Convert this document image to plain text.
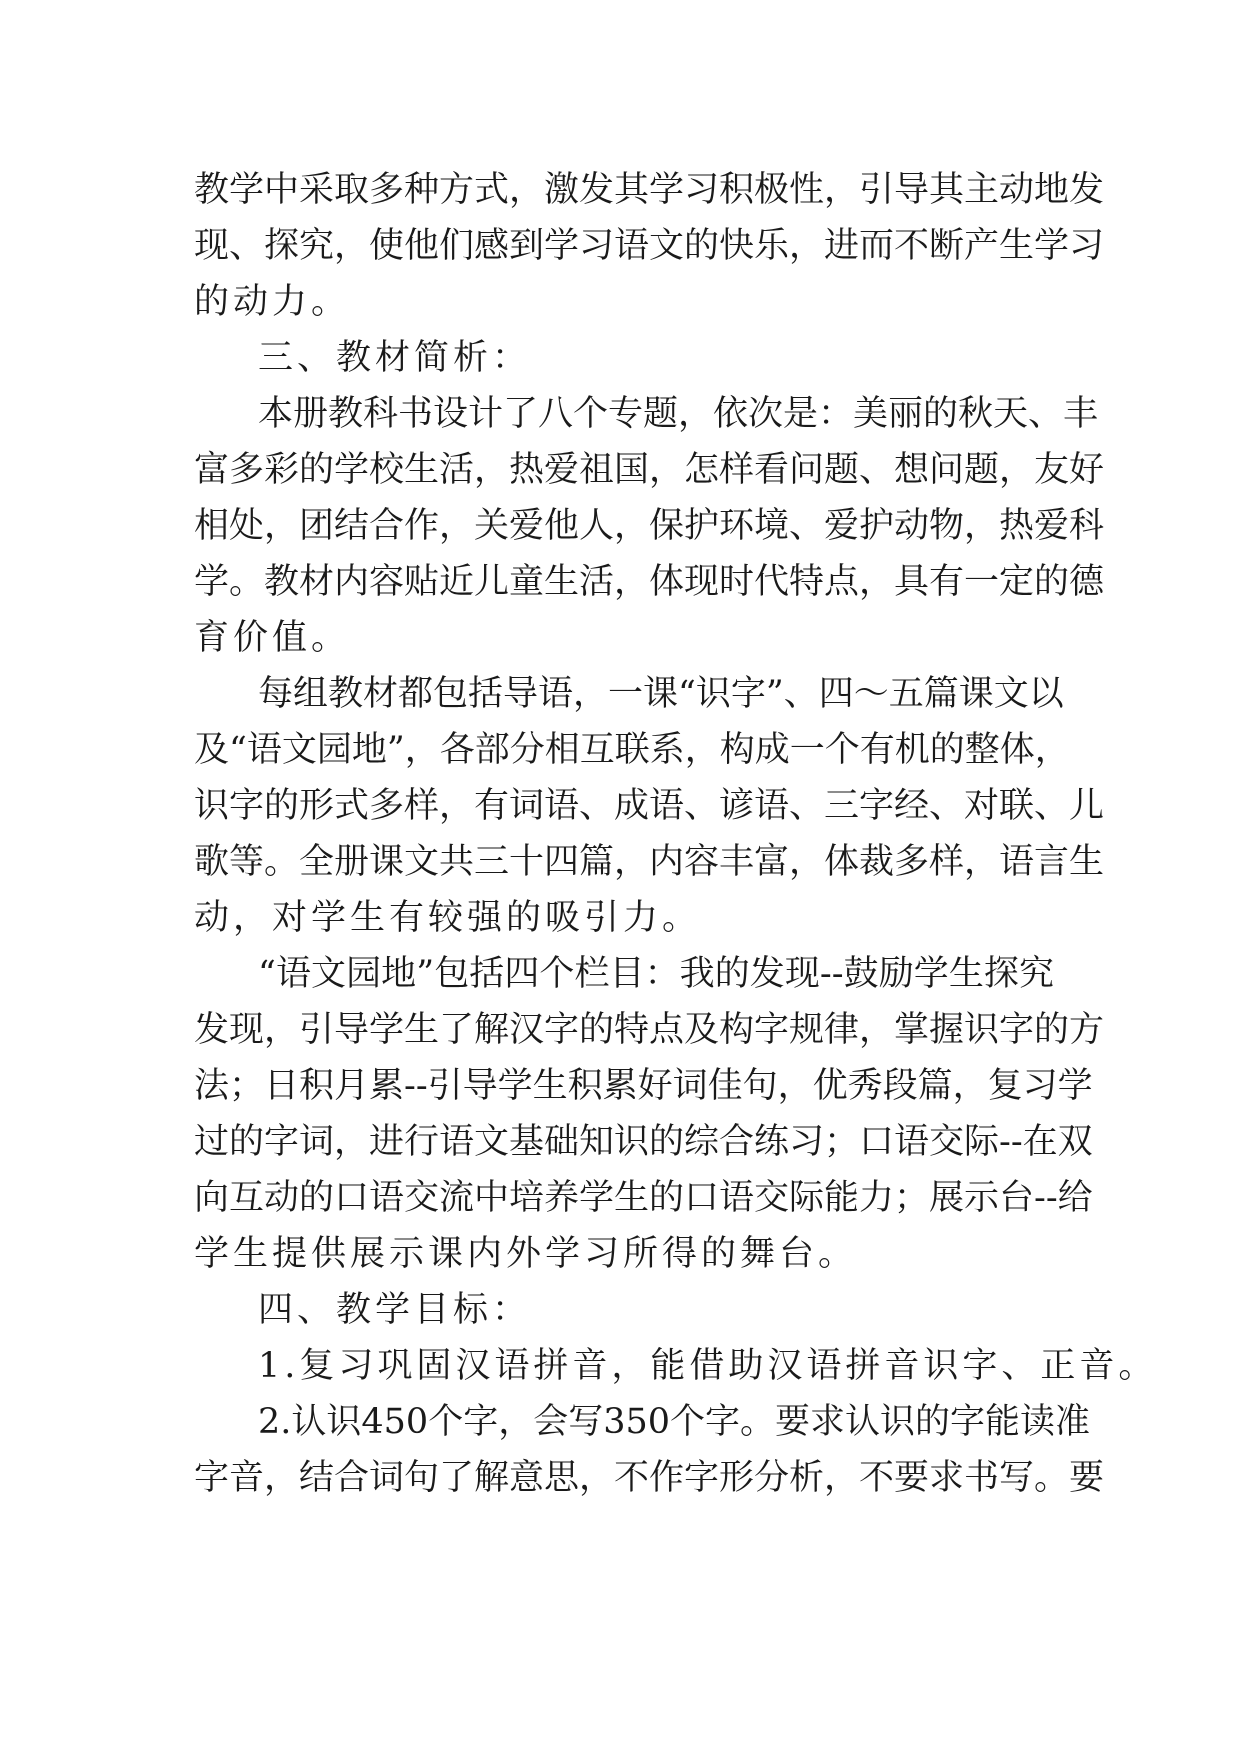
教学中采取多种方式，激发其学习积极性，引导其主动地发
现、探究，使他们感到学习语文的快乐，进而不断产生学习
的动力。
三、教材简析：
本册教科书设计了八个专题，依次是：美丽的秋天、丰
富多彩的学校生活，热爱祖国，怎样看问题、想问题，友好
相处，团结合作，关爱他人，保护环境、爱护动物，热爱科
学。教材内容贴近儿童生活，体现时代特点，具有一定的德
育价值。
每组教材都包括导语，一课“识字”、四～五篇课文以
及“语文园地”，各部分相互联系，构成一个有机的整体，
识字的形式多样，有词语、成语、谚语、三字经、对联、儿
歌等。全册课文共三十四篇，内容丰富，体裁多样，语言生
动，对学生有较强的吸引力。
“语文园地”包括四个栏目：我的发现--鼓励学生探究
发现，引导学生了解汉字的特点及构字规律，掌握识字的方
法；日积月累--引导学生积累好词佳句，优秀段篇，复习学
过的字词，进行语文基础知识的综合练习；口语交际--在双
向互动的口语交流中培养学生的口语交际能力；展示台--给
学生提供展示课内外学习所得的舞台。
四、教学目标：
1.复习巩固汉语拼音，能借助汉语拼音识字、正音。
2.认识450个字，会写350个字。要求认识的字能读准
字音，结合词句了解意思，不作字形分析，不要求书写。要
